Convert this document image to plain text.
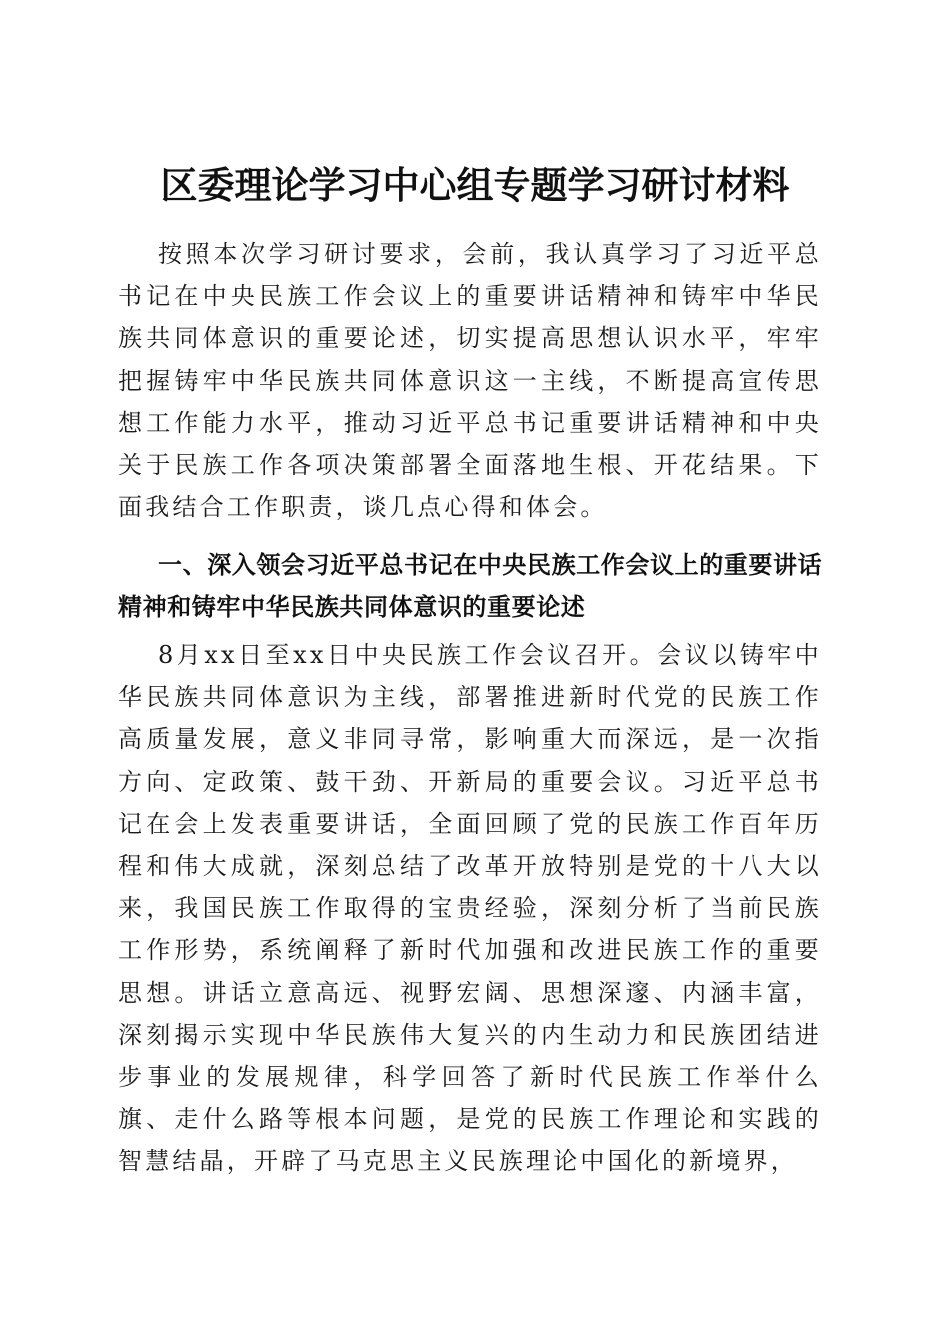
区委理论学习中心组专题学习研讨材料

按照本次学习研讨要求，会前，我认真学习了习近平总书记在中央民族工作会议上的重要讲话精神和铸牢中华民族共同体意识的重要论述，切实提高思想认识水平，牢牢把握铸牢中华民族共同体意识这一主线，不断提高宣传思想工作能力水平，推动习近平总书记重要讲话精神和中央关于民族工作各项决策部署全面落地生根、开花结果。下面我结合工作职责，谈几点心得和体会。

一、深入领会习近平总书记在中央民族工作会议上的重要讲话精神和铸牢中华民族共同体意识的重要论述

8月xx日至xx日中央民族工作会议召开。会议以铸牢中华民族共同体意识为主线，部署推进新时代党的民族工作高质量发展，意义非同寻常，影响重大而深远，是一次指方向、定政策、鼓干劲、开新局的重要会议。习近平总书记在会上发表重要讲话，全面回顾了党的民族工作百年历程和伟大成就，深刻总结了改革开放特别是党的十八大以来，我国民族工作取得的宝贵经验，深刻分析了当前民族工作形势，系统阐释了新时代加强和改进民族工作的重要思想。讲话立意高远、视野宏阔、思想深邃、内涵丰富，深刻揭示实现中华民族伟大复兴的内生动力和民族团结进步事业的发展规律，科学回答了新时代民族工作举什么旗、走什么路等根本问题，是党的民族工作理论和实践的智慧结晶，开辟了马克思主义民族理论中国化的新境界，
